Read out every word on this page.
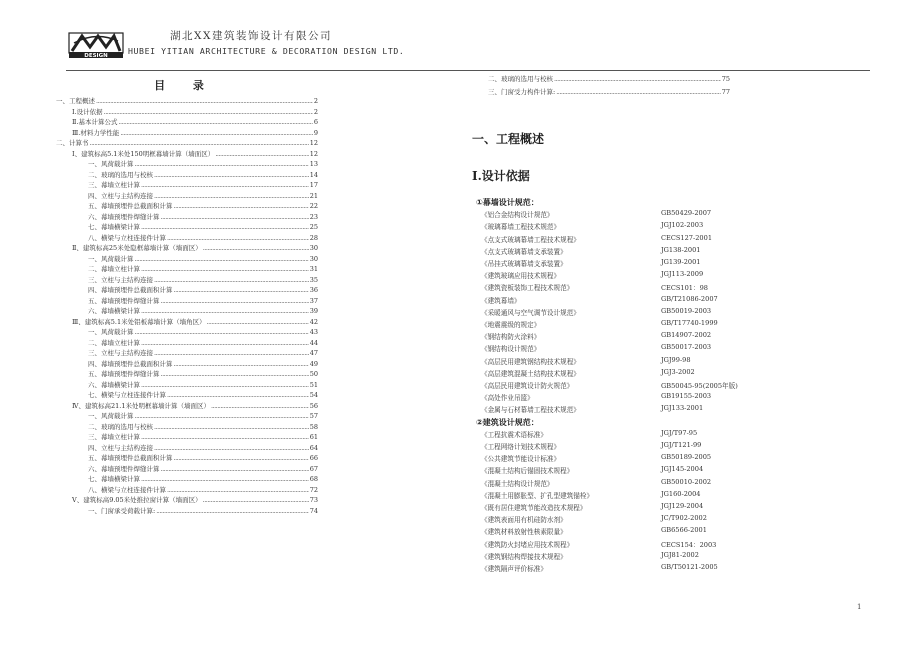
DESIGN
湖北XX建筑装饰设计有限公司
HUBEI YITIAN ARCHITECTURE & DECORATION DESIGN LTD.
目 录
一、工程概述 .....	2
Ⅰ.设计依据 .....	2
Ⅱ.基本计算公式 .....	6
Ⅲ.材料力学性能 .....	9
二、计算书 .....	12
Ⅰ、建筑标高5.1米处150明框幕墙计算（墙面区） .....	12
一、风荷载计算 .....	13
二、玻璃的选用与校核 .....	14
三、幕墙立柱计算 .....	17
四、立柱与主结构连接 .....	21
五、幕墙预埋件总截面积计算 .....	22
六、幕墙预埋件焊缝计算 .....	23
七、幕墙横梁计算 .....	25
八、横梁与立柱连接件计算 .....	28
Ⅱ、建筑标高25米处隐框幕墙计算（墙面区） .....	30
一、风荷载计算 .....	30
二、幕墙立柱计算 .....	31
三、立柱与主结构连接 .....	35
四、幕墙预埋件总截面积计算 .....	36
五、幕墙预埋件焊缝计算 .....	37
六、幕墙横梁计算 .....	39
Ⅲ、建筑标高5.1米处铝板幕墙计算（墙角区） .....	42
一、风荷载计算 .....	43
二、幕墙立柱计算 .....	44
三、立柱与主结构连接 .....	47
四、幕墙预埋件总截面积计算 .....	49
五、幕墙预埋件焊缝计算 .....	50
六、幕墙横梁计算 .....	51
七、横梁与立柱连接件计算 .....	54
Ⅳ、建筑标高21.1米处明框幕墙计算（墙面区） .....	56
一、风荷载计算 .....	57
二、玻璃的选用与校核 .....	58
三、幕墙立柱计算 .....	61
四、立柱与主结构连接 .....	64
五、幕墙预埋件总截面积计算 .....	66
六、幕墙预埋件焊缝计算 .....	67
七、幕墙横梁计算 .....	68
八、横梁与立柱连接件计算 .....	72
Ⅴ、建筑标高9.05米处推拉窗计算（墙面区） .....	73
一、门窗承受荷载计算: .....	74
二、玻璃的选用与校核 .....	75
三、门窗受力构件计算: .....	77
一、工程概述
Ⅰ.设计依据
①幕墙设计规范：
《铝合金结构设计规范》	GB50429-2007
《玻璃幕墙工程技术规范》	JGJ102-2003
《点支式玻璃幕墙工程技术规程》	CECS127-2001
《点支式玻璃幕墙支承装置》	JG138-2001
《吊挂式玻璃幕墙支承装置》	JG139-2001
《建筑玻璃应用技术规程》	JGJ113-2009
《建筑瓷板装饰工程技术规范》	CECS101：98
《建筑幕墙》	GB/T21086-2007
《采暖通风与空气调节设计规范》	GB50019-2003
《地震震级的规定》	GB/T17740-1999
《钢结构防火涂料》	GB14907-2002
《钢结构设计规范》	GB50017-2003
《高层民用建筑钢结构技术规程》	JGJ99-98
《高层建筑混凝土结构技术规程》	JGJ3-2002
《高层民用建筑设计防火规范》	GB50045-95(2005年版)
《高处作业吊篮》	GB19155-2003
《金属与石材幕墙工程技术规范》	JGJ133-2001
②建筑设计规范：
《工程抗震术语标准》	JGJ/T97-95
《工程网络计划技术规程》	JGJ/T121-99
《公共建筑节能设计标准》	GB50189-2005
《混凝土结构后锚固技术规程》	JGJ145-2004
《混凝土结构设计规范》	GB50010-2002
《混凝土用膨胀型、扩孔型建筑锚栓》	JG160-2004
《既有居住建筑节能改造技术规程》	JGJ129-2004
《建筑表面用有机硅防水剂》	JC/T902-2002
《建筑材料放射性核素限量》	GB6566-2001
《建筑防火封堵应用技术规程》	CECS154：2003
《建筑钢结构焊接技术规程》	JGJ81-2002
《建筑隔声评价标准》	GB/T50121-2005
1
